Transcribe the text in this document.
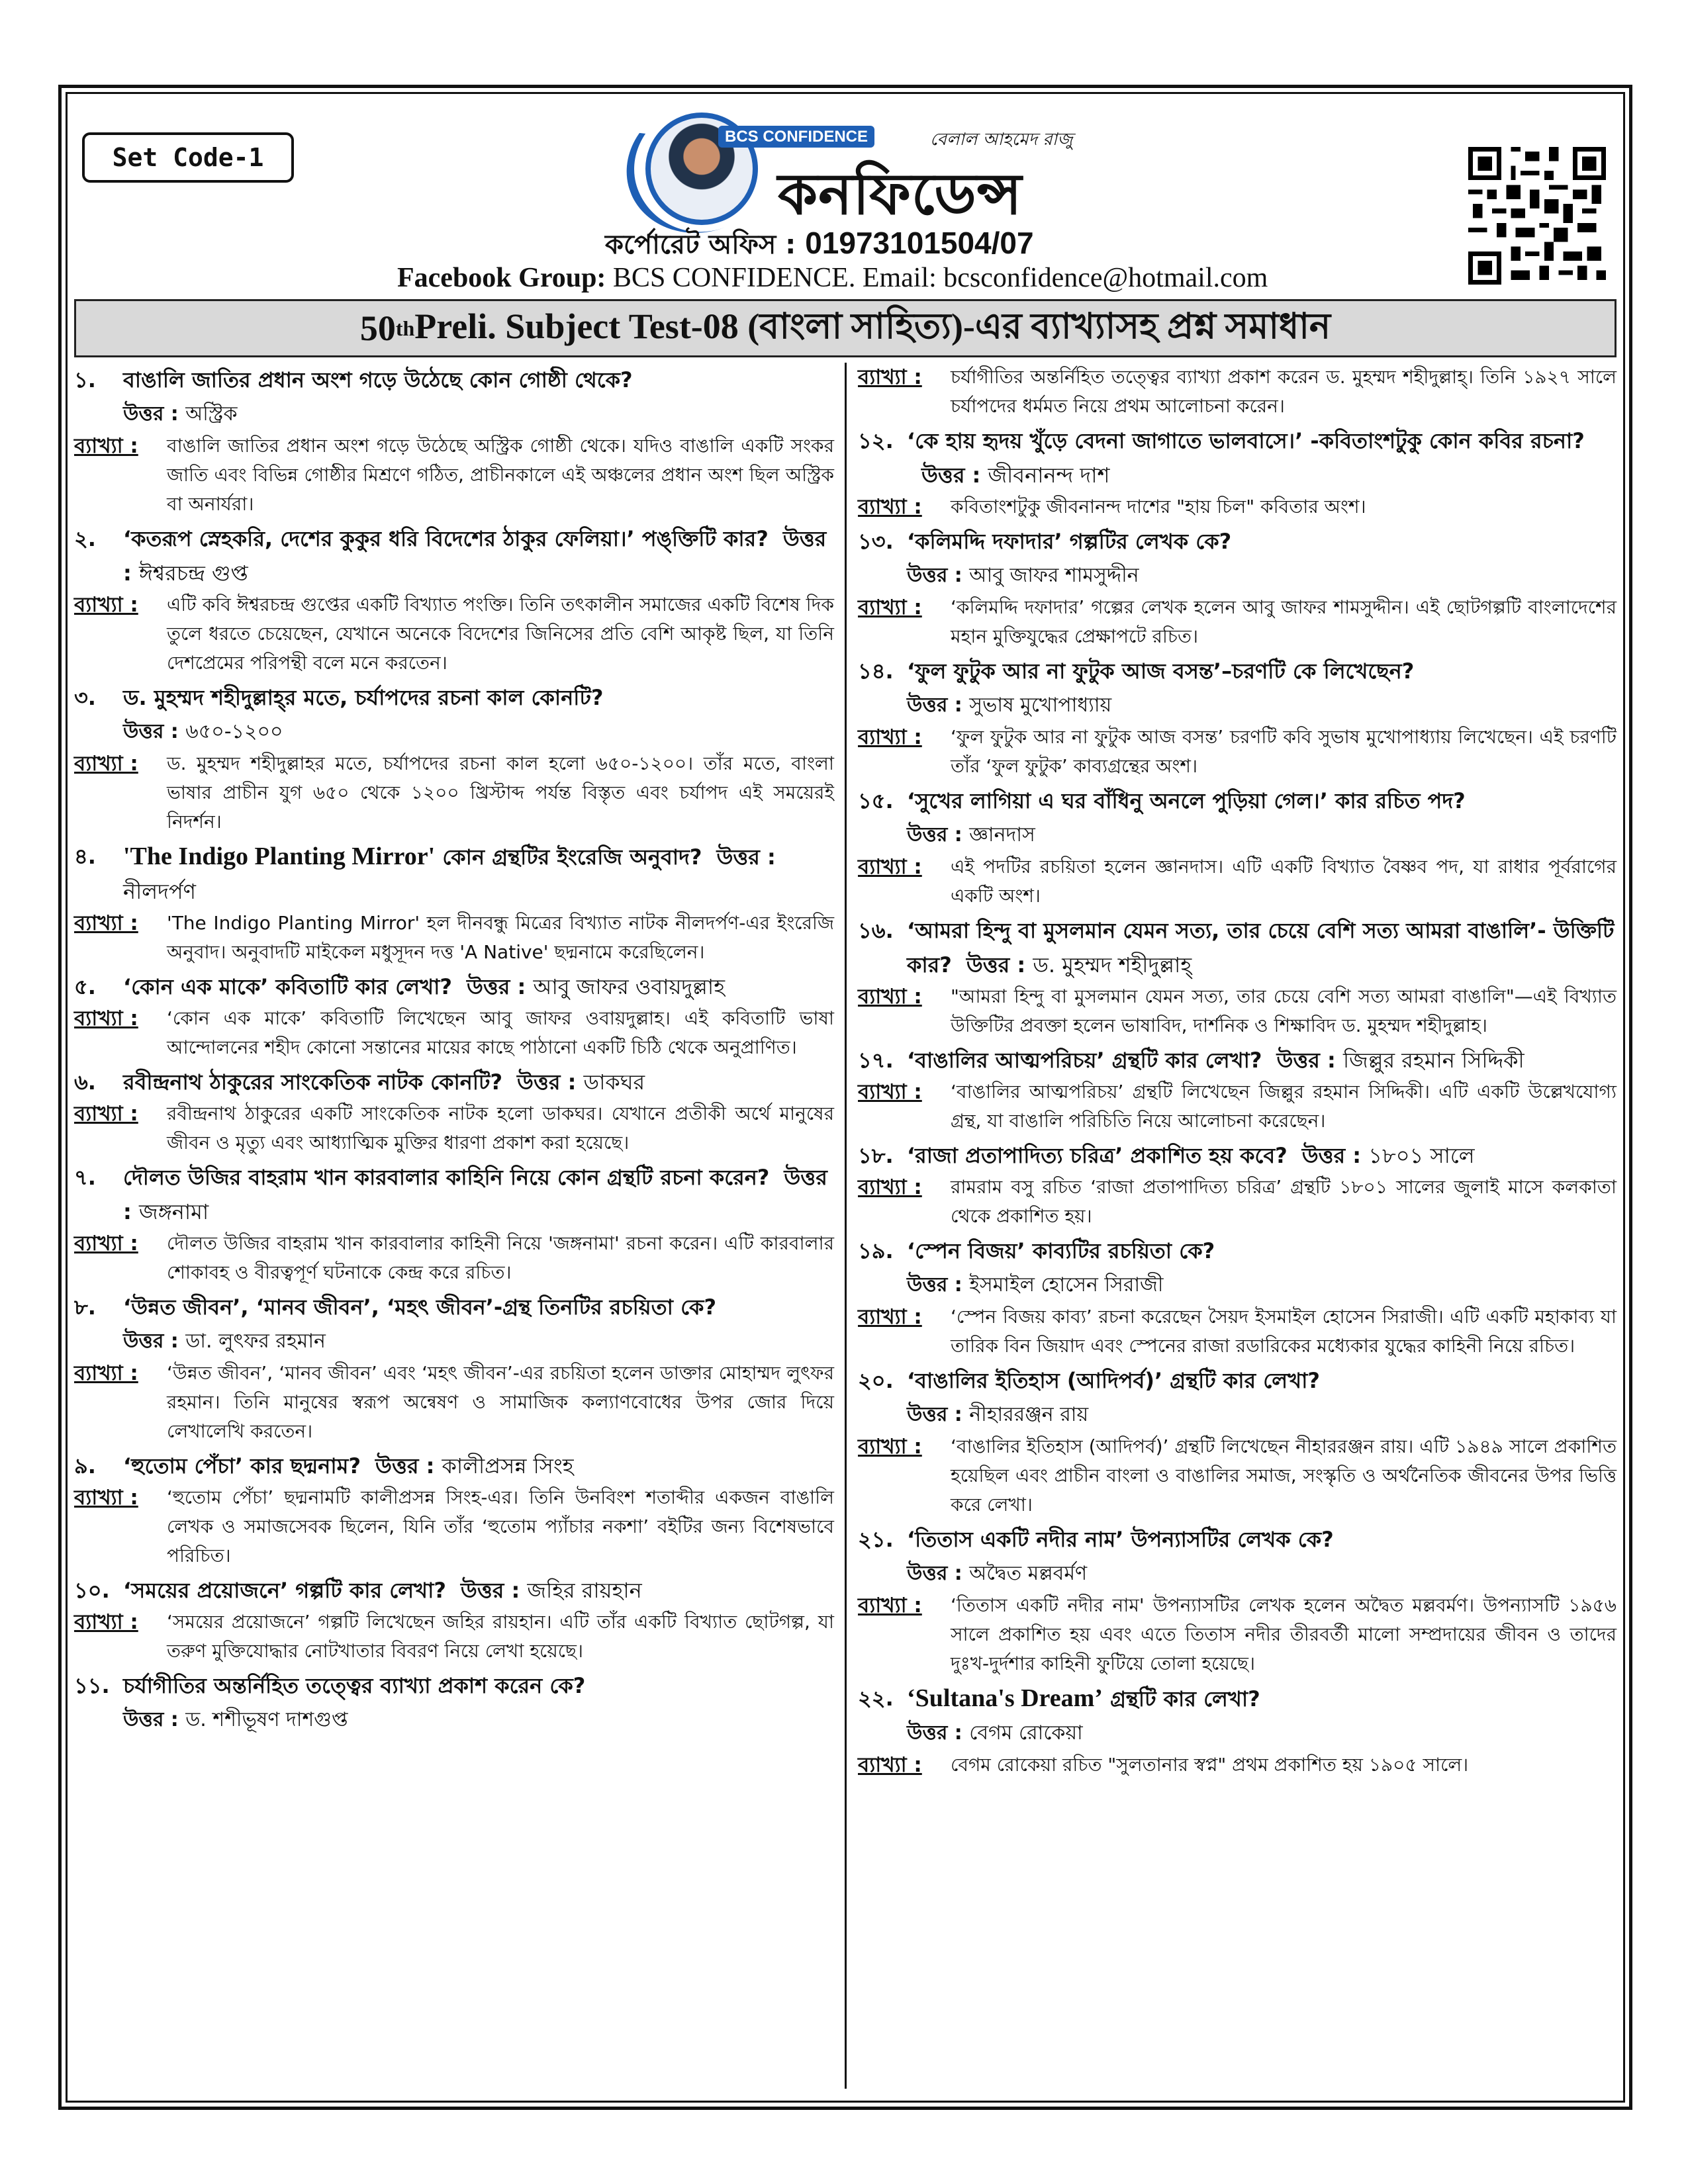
Set Code-1
BCS CONFIDENCE	বেলাল আহমেদ রাজু
কনফিডেন্স
কর্পোরেট অফিস : 01973101504/07
Facebook Group: BCS CONFIDENCE. Email: bcsconfidence@hotmail.com
50 th Preli. Subject Test-08 (বাংলা সাহিত্য)-এর ব্যাখ্যাসহ প্রশ্ন সমাধান
১.	বাঙালি জাতির প্রধান অংশ গড়ে উঠেছে কোন গোষ্ঠী থেকে?
উত্তর : অস্ট্রিক
ব্যাখ্যা :	বাঙালি জাতির প্রধান অংশ গড়ে উঠেছে অস্ট্রিক গোষ্ঠী থেকে। যদিও বাঙালি একটি সংকর জাতি এবং বিভিন্ন গোষ্ঠীর মিশ্রণে গঠিত, প্রাচীনকালে এই অঞ্চলের প্রধান অংশ ছিল অস্ট্রিক বা অনার্যরা।
২.	‘কতরূপ স্নেহকরি, দেশের কুকুর ধরি বিদেশের ঠাকুর ফেলিয়া।’ পঙ্‌ক্তিটি কার? উত্তর : ঈশ্বরচন্দ্র গুপ্ত
ব্যাখ্যা :	এটি কবি ঈশ্বরচন্দ্র গুপ্তের একটি বিখ্যাত পংক্তি। তিনি তৎকালীন সমাজের একটি বিশেষ দিক তুলে ধরতে চেয়েছেন, যেখানে অনেকে বিদেশের জিনিসের প্রতি বেশি আকৃষ্ট ছিল, যা তিনি দেশপ্রেমের পরিপন্থী বলে মনে করতেন।
৩.	ড. মুহম্মদ শহীদুল্লাহ্‌র মতে, চর্যাপদের রচনা কাল কোনটি?
উত্তর : ৬৫০-১২০০
ব্যাখ্যা :	ড. মুহম্মদ শহীদুল্লাহর মতে, চর্যাপদের রচনা কাল হলো ৬৫০-১২০০। তাঁর মতে, বাংলা ভাষার প্রাচীন যুগ ৬৫০ থেকে ১২০০ খ্রিস্টাব্দ পর্যন্ত বিস্তৃত এবং চর্যাপদ এই সময়েরই নিদর্শন।
৪.	'The Indigo Planting Mirror' কোন গ্রন্থটির ইংরেজি অনুবাদ? উত্তর : নীলদর্পণ
ব্যাখ্যা :	'The Indigo Planting Mirror' হল দীনবন্ধু মিত্রের বিখ্যাত নাটক নীলদর্পণ-এর ইংরেজি অনুবাদ। অনুবাদটি মাইকেল মধুসূদন দত্ত 'A Native' ছদ্মনামে করেছিলেন।
৫.	‘কোন এক মাকে’ কবিতাটি কার লেখা? উত্তর : আবু জাফর ওবায়দুল্লাহ
ব্যাখ্যা :	‘কোন এক মাকে’ কবিতাটি লিখেছেন আবু জাফর ওবায়দুল্লাহ। এই কবিতাটি ভাষা আন্দোলনের শহীদ কোনো সন্তানের মায়ের কাছে পাঠানো একটি চিঠি থেকে অনুপ্রাণিত।
৬.	রবীন্দ্রনাথ ঠাকুরের সাংকেতিক নাটক কোনটি? উত্তর : ডাকঘর
ব্যাখ্যা :	রবীন্দ্রনাথ ঠাকুরের একটি সাংকেতিক নাটক হলো ডাকঘর। যেখানে প্রতীকী অর্থে মানুষের জীবন ও মৃত্যু এবং আধ্যাত্মিক মুক্তির ধারণা প্রকাশ করা হয়েছে।
৭.	দৌলত উজির বাহরাম খান কারবালার কাহিনি নিয়ে কোন গ্রন্থটি রচনা করেন? উত্তর : জঙ্গনামা
ব্যাখ্যা :	দৌলত উজির বাহরাম খান কারবালার কাহিনী নিয়ে 'জঙ্গনামা' রচনা করেন। এটি কারবালার শোকাবহ ও বীরত্বপূর্ণ ঘটনাকে কেন্দ্র করে রচিত।
৮.	‘উন্নত জীবন’, ‘মানব জীবন’, ‘মহৎ জীবন’-গ্রন্থ তিনটির রচয়িতা কে?
উত্তর : ডা. লুৎফর রহমান
ব্যাখ্যা :	‘উন্নত জীবন’, ‘মানব জীবন’ এবং ‘মহৎ জীবন’-এর রচয়িতা হলেন ডাক্তার মোহাম্মদ লুৎফর রহমান। তিনি মানুষের স্বরূপ অন্বেষণ ও সামাজিক কল্যাণবোধের উপর জোর দিয়ে লেখালেখি করতেন।
৯.	‘হুতোম পেঁচা’ কার ছদ্মনাম? উত্তর : কালীপ্রসন্ন সিংহ
ব্যাখ্যা :	‘হুতোম পেঁচা’ ছদ্মনামটি কালীপ্রসন্ন সিংহ-এর। তিনি উনবিংশ শতাব্দীর একজন বাঙালি লেখক ও সমাজসেবক ছিলেন, যিনি তাঁর ‘হুতোম প্যাঁচার নকশা’ বইটির জন্য বিশেষভাবে পরিচিত।
১০. ‘সময়ের প্রয়োজনে’ গল্পটি কার লেখা? উত্তর : জহির রায়হান
ব্যাখ্যা :	‘সময়ের প্রয়োজনে’ গল্পটি লিখেছেন জহির রায়হান। এটি তাঁর একটি বিখ্যাত ছোটগল্প, যা তরুণ মুক্তিযোদ্ধার নোটখাতার বিবরণ নিয়ে লেখা হয়েছে।
১১. চর্যাগীতির অন্তর্নিহিত তত্ত্বের ব্যাখ্যা প্রকাশ করেন কে?
উত্তর : ড. শশীভূষণ দাশগুপ্ত
ব্যাখ্যা :	চর্যাগীতির অন্তর্নিহিত তত্ত্বের ব্যাখ্যা প্রকাশ করেন ড. মুহম্মদ শহীদুল্লাহ্‌। তিনি ১৯২৭ সালে চর্যাপদের ধর্মমত নিয়ে প্রথম আলোচনা করেন।
১২. ‘কে হায় হৃদয় খুঁড়ে বেদনা জাগাতে ভালবাসে।’ -কবিতাংশটুকু কোন কবির রচনা?উত্তর : জীবনানন্দ দাশ
ব্যাখ্যা :	কবিতাংশটুকু জীবনানন্দ দাশের "হায় চিল" কবিতার অংশ।
১৩. ‘কলিমদ্দি দফাদার’ গল্পটির লেখক কে?
উত্তর : আবু জাফর শামসুদ্দীন
ব্যাখ্যা :	‘কলিমদ্দি দফাদার’ গল্পের লেখক হলেন আবু জাফর শামসুদ্দীন। এই ছোটগল্পটি বাংলাদেশের মহান মুক্তিযুদ্ধের প্রেক্ষাপটে রচিত।
১৪. ‘ফুল ফুটুক আর না ফুটুক আজ বসন্ত’–চরণটি কে লিখেছেন?
উত্তর : সুভাষ মুখোপাধ্যায়
ব্যাখ্যা :	‘ফুল ফুটুক আর না ফুটুক আজ বসন্ত’ চরণটি কবি সুভাষ মুখোপাধ্যায় লিখেছেন। এই চরণটি তাঁর ‘ফুল ফুটুক’ কাব্যগ্রন্থের অংশ।
১৫. ‘সুখের লাগিয়া এ ঘর বাঁধিনু অনলে পুড়িয়া গেল।’ কার রচিত পদ?
উত্তর : জ্ঞানদাস
ব্যাখ্যা :	এই পদটির রচয়িতা হলেন জ্ঞানদাস। এটি একটি বিখ্যাত বৈষ্ণব পদ, যা রাধার পূর্বরাগের একটি অংশ।
১৬. ‘আমরা হিন্দু বা মুসলমান যেমন সত্য, তার চেয়ে বেশি সত্য আমরা বাঙালি’- উক্তিটি কার? উত্তর : ড. মুহম্মদ শহীদুল্লাহ্‌
ব্যাখ্যা :	"আমরা হিন্দু বা মুসলমান যেমন সত্য, তার চেয়ে বেশি সত্য আমরা বাঙালি"—এই বিখ্যাত উক্তিটির প্রবক্তা হলেন ভাষাবিদ, দার্শনিক ও শিক্ষাবিদ ড. মুহম্মদ শহীদুল্লাহ।
১৭. ‘বাঙালির আত্মপরিচয়’ গ্রন্থটি কার লেখা? উত্তর : জিল্লুর রহমান সিদ্দিকী
ব্যাখ্যা :	‘বাঙালির আত্মপরিচয়’ গ্রন্থটি লিখেছেন জিল্লুর রহমান সিদ্দিকী। এটি একটি উল্লেখযোগ্য গ্রন্থ, যা বাঙালি পরিচিতি নিয়ে আলোচনা করেছেন।
১৮. ‘রাজা প্রতাপাদিত্য চরিত্র’ প্রকাশিত হয় কবে? উত্তর : ১৮০১ সালে
ব্যাখ্যা :	রামরাম বসু রচিত ‘রাজা প্রতাপাদিত্য চরিত্র’ গ্রন্থটি ১৮০১ সালের জুলাই মাসে কলকাতা থেকে প্রকাশিত হয়।
১৯. ‘স্পেন বিজয়’ কাব্যটির রচয়িতা কে?
উত্তর : ইসমাইল হোসেন সিরাজী
ব্যাখ্যা :	‘স্পেন বিজয় কাব্য’ রচনা করেছেন সৈয়দ ইসমাইল হোসেন সিরাজী। এটি একটি মহাকাব্য যা তারিক বিন জিয়াদ এবং স্পেনের রাজা রডারিকের মধ্যেকার যুদ্ধের কাহিনী নিয়ে রচিত।
২০. ‘বাঙালির ইতিহাস (আদিপর্ব)’ গ্রন্থটি কার লেখা?
উত্তর : নীহাররঞ্জন রায়
ব্যাখ্যা :	‘বাঙালির ইতিহাস (আদিপর্ব)’ গ্রন্থটি লিখেছেন নীহাররঞ্জন রায়। এটি ১৯৪৯ সালে প্রকাশিত হয়েছিল এবং প্রাচীন বাংলা ও বাঙালির সমাজ, সংস্কৃতি ও অর্থনৈতিক জীবনের উপর ভিত্তি করে লেখা।
২১. ‘তিতাস একটি নদীর নাম’ উপন্যাসটির লেখক কে?
উত্তর : অদ্বৈত মল্লবর্মণ
ব্যাখ্যা :	‘তিতাস একটি নদীর নাম' উপন্যাসটির লেখক হলেন অদ্বৈত মল্লবর্মণ। উপন্যাসটি ১৯৫৬ সালে প্রকাশিত হয় এবং এতে তিতাস নদীর তীরবর্তী মালো সম্প্রদায়ের জীবন ও তাদের দুঃখ-দুর্দশার কাহিনী ফুটিয়ে তোলা হয়েছে।
২২. ‘Sultana's Dream’ গ্রন্থটি কার লেখা?
উত্তর : বেগম রোকেয়া
ব্যাখ্যা :	বেগম রোকেয়া রচিত "সুলতানার স্বপ্ন" প্রথম প্রকাশিত হয় ১৯০৫ সালে।
